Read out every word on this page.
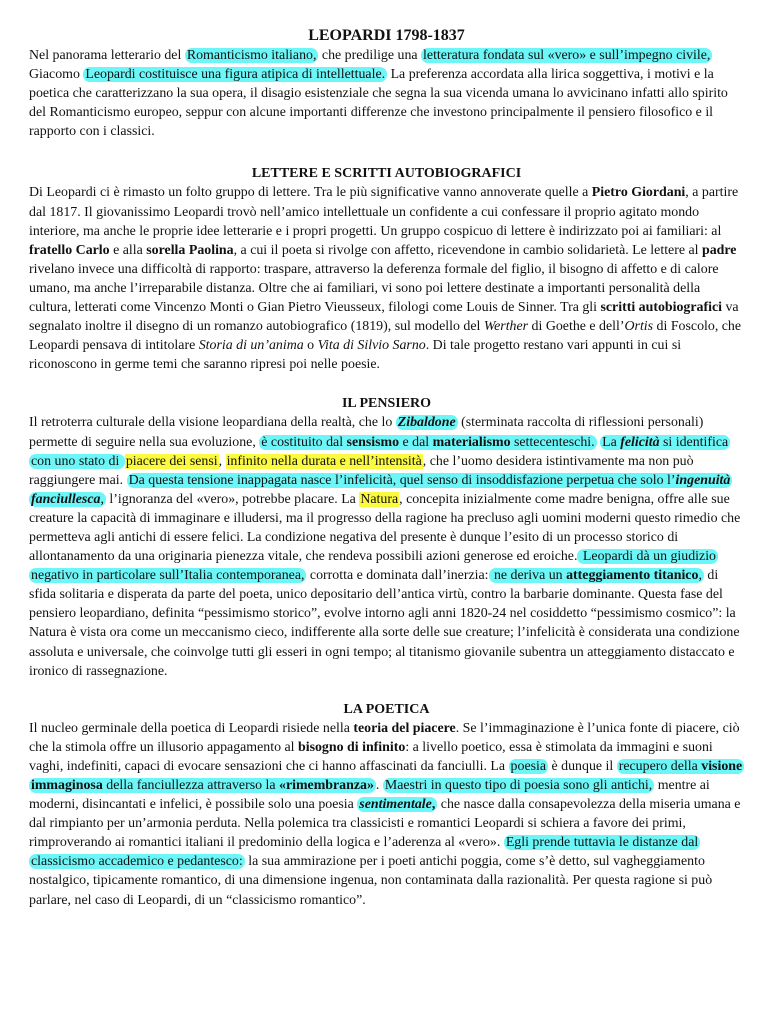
LEOPARDI 1798-1837

Nel panorama letterario del Romanticismo italiano, che predilige una letteratura fondata sul «vero» e sull’impegno civile, Giacomo Leopardi costituisce una figura atipica di intellettuale. La preferenza accordata alla lirica soggettiva, i motivi e la poetica che caratterizzano la sua opera, il disagio esistenziale che segna la sua vicenda umana lo avvicinano infatti allo spirito del Romanticismo europeo, seppur con alcune importanti differenze che investono principalmente il pensiero filosofico e il rapporto con i classici.

LETTERE E SCRITTI AUTOBIOGRAFICI

Di Leopardi ci è rimasto un folto gruppo di lettere. Tra le più significative vanno annoverate quelle a Pietro Giordani, a partire dal 1817. Il giovanissimo Leopardi trovò nell’amico intellettuale un confidente a cui confessare il proprio agitato mondo interiore, ma anche le proprie idee letterarie e i propri progetti. Un gruppo cospicuo di lettere è indirizzato poi ai familiari: al fratello Carlo e alla sorella Paolina, a cui il poeta si rivolge con affetto, ricevendone in cambio solidarietà. Le lettere al padre rivelano invece una difficoltà di rapporto: traspare, attraverso la deferenza formale del figlio, il bisogno di affetto e di calore umano, ma anche l’irreparabile distanza. Oltre che ai familiari, vi sono poi lettere destinate a importanti personalità della cultura, letterati come Vincenzo Monti o Gian Pietro Vieusseux, filologi come Louis de Sinner. Tra gli scritti autobiografici va segnalato inoltre il disegno di un romanzo autobiografico (1819), sul modello del Werther di Goethe e dell’Ortis di Foscolo, che Leopardi pensava di intitolare Storia di un’anima o Vita di Silvio Sarno. Di tale progetto restano vari appunti in cui si riconoscono in germe temi che saranno ripresi poi nelle poesie.

IL PENSIERO

Il retroterra culturale della visione leopardiana della realtà, che lo Zibaldone (sterminata raccolta di riflessioni personali) permette di seguire nella sua evoluzione, è costituito dal sensismo e dal materialismo settecenteschi. La felicità si identifica con uno stato di piacere dei sensi, infinito nella durata e nell’intensità, che l’uomo desidera istintivamente ma non può raggiungere mai. Da questa tensione inappagata nasce l’infelicità, quel senso di insoddisfazione perpetua che solo l’ingenuità fanciullesca, l’ignoranza del «vero», potrebbe placare. La Natura, concepita inizialmente come madre benigna, offre alle sue creature la capacità di immaginare e illudersi, ma il progresso della ragione ha precluso agli uomini moderni questo rimedio che permetteva agli antichi di essere felici. La condizione negativa del presente è dunque l’esito di un processo storico di allontanamento da una originaria pienezza vitale, che rendeva possibili azioni generose ed eroiche. Leopardi dà un giudizio negativo in particolare sull’Italia contemporanea, corrotta e dominata dall’inerzia: ne deriva un atteggiamento titanico, di sfida solitaria e disperata da parte del poeta, unico depositario dell’antica virtù, contro la barbarie dominante. Questa fase del pensiero leopardiano, definita “pessimismo storico”, evolve intorno agli anni 1820-24 nel cosiddetto “pessimismo cosmico”: la Natura è vista ora come un meccanismo cieco, indifferente alla sorte delle sue creature; l’infelicità è considerata una condizione assoluta e universale, che coinvolge tutti gli esseri in ogni tempo; al titanismo giovanile subentra un atteggiamento distaccato e ironico di rassegnazione.

LA POETICA

Il nucleo germinale della poetica di Leopardi risiede nella teoria del piacere. Se l’immaginazione è l’unica fonte di piacere, ciò che la stimola offre un illusorio appagamento al bisogno di infinito: a livello poetico, essa è stimolata da immagini e suoni vaghi, indefiniti, capaci di evocare sensazioni che ci hanno affascinati da fanciulli. La poesia è dunque il recupero della visione immaginosa della fanciullezza attraverso la «rimembranza» . Maestri in questo tipo di poesia sono gli antichi, mentre ai moderni, disincantati e infelici, è possibile solo una poesia sentimentale, che nasce dalla consapevolezza della miseria umana e dal rimpianto per un’armonia perduta. Nella polemica tra classicisti e romantici Leopardi si schiera a favore dei primi, rimproverando ai romantici italiani il predominio della logica e l’aderenza al «vero». Egli prende tuttavia le distanze dal classicismo accademico e pedantesco: la sua ammirazione per i poeti antichi poggia, come s’è detto, sul vagheggiamento nostalgico, tipicamente romantico, di una dimensione ingenua, non contaminata dalla razionalità. Per questa ragione si può parlare, nel caso di Leopardi, di un “classicismo romantico”.
